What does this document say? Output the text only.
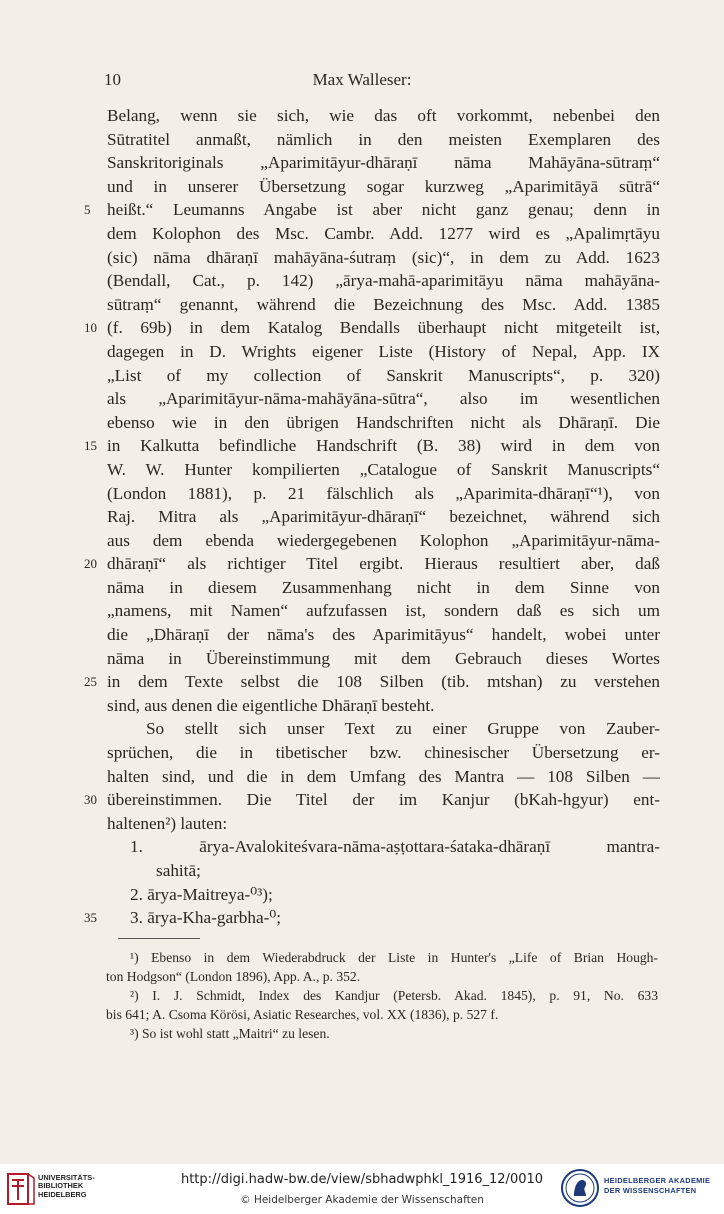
10	Max Walleser:
Belang, wenn sie sich, wie das oft vorkommt, nebenbei den
Sūtratitel anmaßt, nämlich in den meisten Exemplaren des
Sanskritoriginals „Aparimitāyur-dhāraṇī nāma Mahāyāna-sūtraṃ“
und in unserer Übersetzung sogar kurzweg „Aparimitāyā sūtrā“
5 heißt.“ Leumanns Angabe ist aber nicht ganz genau; denn in
dem Kolophon des Msc. Cambr. Add. 1277 wird es „Apalimṛtāyu
(sic) nāma dhāraṇī mahāyāna-śutraṃ (sic)“, in dem zu Add. 1623
(Bendall, Cat., p. 142) „ārya-mahā-aparimitāyu nāma mahāyāna-
sūtraṃ“ genannt, während die Bezeichnung des Msc. Add. 1385
10 (f. 69b) in dem Katalog Bendalls überhaupt nicht mitgeteilt ist,
dagegen in D. Wrights eigener Liste (History of Nepal, App. IX
„List of my collection of Sanskrit Manuscripts“, p. 320)
als „Aparimitāyur-nāma-mahāyāna-sūtra“, also im wesentlichen
ebenso wie in den übrigen Handschriften nicht als Dhāraṇī. Die
15 in Kalkutta befindliche Handschrift (B. 38) wird in dem von
W. W. Hunter kompilierten „Catalogue of Sanskrit Manuscripts“
(London 1881), p. 21 fälschlich als „Aparimita-dhāraṇī“¹), von
Raj. Mitra als „Aparimitāyur-dhāraṇī“ bezeichnet, während sich
aus dem ebenda wiedergegebenen Kolophon „Aparimitāyur-nāma-
20 dhāraṇī“ als richtiger Titel ergibt. Hieraus resultiert aber, daß
nāma in diesem Zusammenhang nicht in dem Sinne von
„namens, mit Namen“ aufzufassen ist, sondern daß es sich um
die „Dhāraṇī der nāma's des Aparimitāyus“ handelt, wobei unter
nāma in Übereinstimmung mit dem Gebrauch dieses Wortes
25 in dem Texte selbst die 108 Silben (tib. mtshan) zu verstehen
sind, aus denen die eigentliche Dhāraṇī besteht.
So stellt sich unser Text zu einer Gruppe von Zauber-
sprüchen, die in tibetischer bzw. chinesischer Übersetzung er-
halten sind, und die in dem Umfang des Mantra — 108 Silben —
30 übereinstimmen. Die Titel der im Kanjur (bKah-hgyur) ent-
haltenen²) lauten:
1. ārya-Avalokiteśvara-nāma-aṣṭottara-śataka-dhāraṇī mantra-
sahitā;
2. ārya-Maitreya-⁰³);
35	3. ārya-Kha-garbha-⁰;
¹) Ebenso in dem Wiederabdruck der Liste in Hunter's „Life of Brian Hough-
ton Hodgson“ (London 1896), App. A., p. 352.
²) I. J. Schmidt, Index des Kandjur (Petersb. Akad. 1845), p. 91, No. 633
bis 641; A. Csoma Körösi, Asiatic Researches, vol. XX (1836), p. 527 f.
³) So ist wohl statt „Maitri“ zu lesen.
UNIVERSITÄTS-
BIBLIOTHEK
HEIDELBERG
http://digi.hadw-bw.de/view/sbhadwphkl_1916_12/0010
© Heidelberger Akademie der Wissenschaften
HEIDELBERGER AKADEMIE
DER WISSENSCHAFTEN
